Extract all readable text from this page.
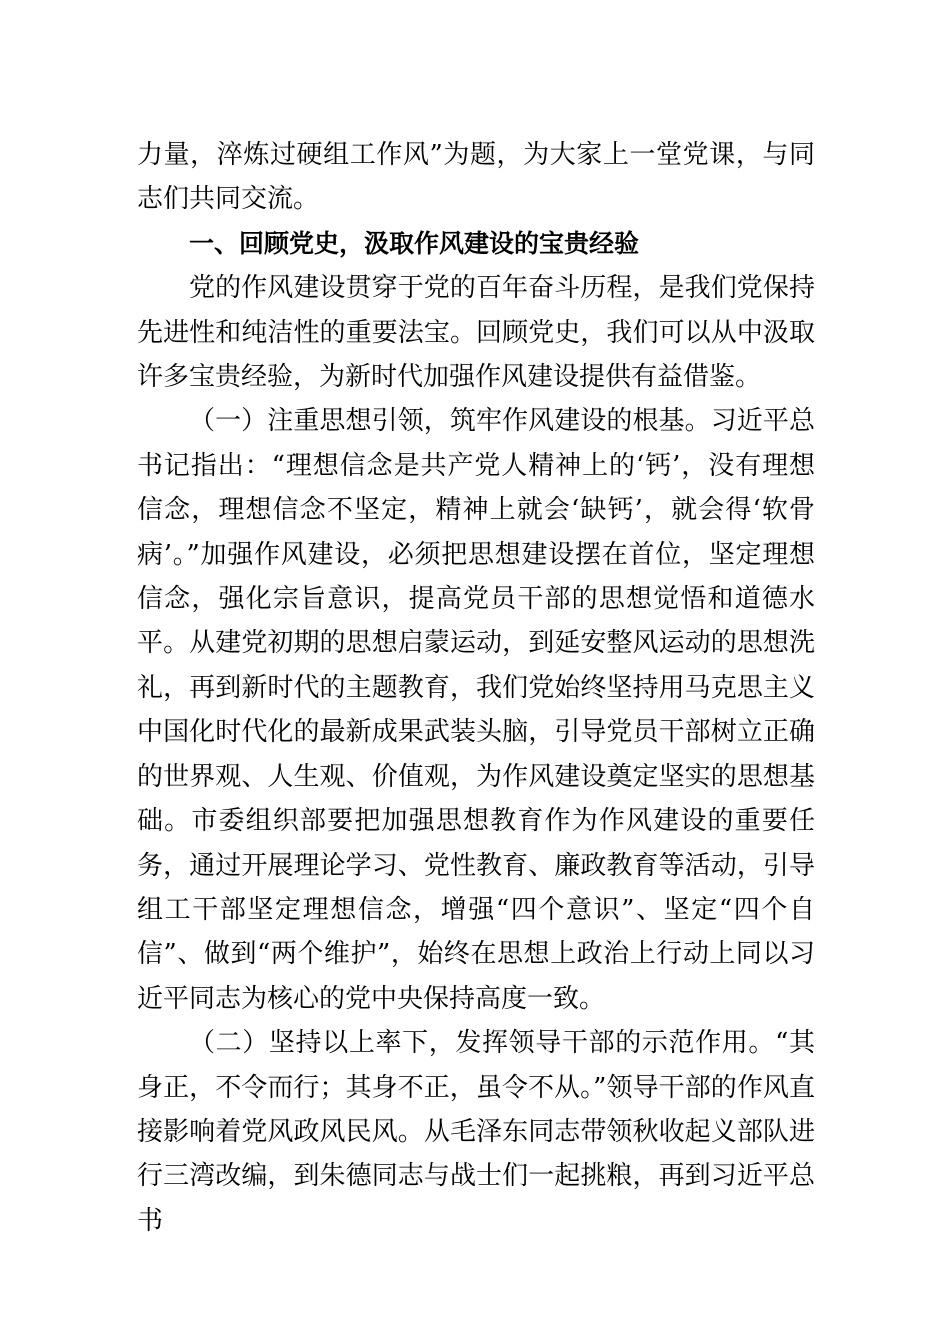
力量，淬炼过硬组工作风”为题，为大家上一堂党课，与同志们共同交流。

一、回顾党史，汲取作风建设的宝贵经验

党的作风建设贯穿于党的百年奋斗历程，是我们党保持先进性和纯洁性的重要法宝。回顾党史，我们可以从中汲取许多宝贵经验，为新时代加强作风建设提供有益借鉴。

（一）注重思想引领，筑牢作风建设的根基。习近平总书记指出：“理想信念是共产党人精神上的‘钙’，没有理想信念，理想信念不坚定，精神上就会‘缺钙’，就会得‘软骨病’。”加强作风建设，必须把思想建设摆在首位，坚定理想信念，强化宗旨意识，提高党员干部的思想觉悟和道德水平。从建党初期的思想启蒙运动，到延安整风运动的思想洗礼，再到新时代的主题教育，我们党始终坚持用马克思主义中国化时代化的最新成果武装头脑，引导党员干部树立正确的世界观、人生观、价值观，为作风建设奠定坚实的思想基础。市委组织部要把加强思想教育作为作风建设的重要任务，通过开展理论学习、党性教育、廉政教育等活动，引导组工干部坚定理想信念，增强“四个意识”、坚定“四个自信”、做到“两个维护”，始终在思想上政治上行动上同以习近平同志为核心的党中央保持高度一致。

（二）坚持以上率下，发挥领导干部的示范作用。“其身正，不令而行；其身不正，虽令不从。”领导干部的作风直接影响着党风政风民风。从毛泽东同志带领秋收起义部队进行三湾改编，到朱德同志与战士们一起挑粮，再到习近平总书
